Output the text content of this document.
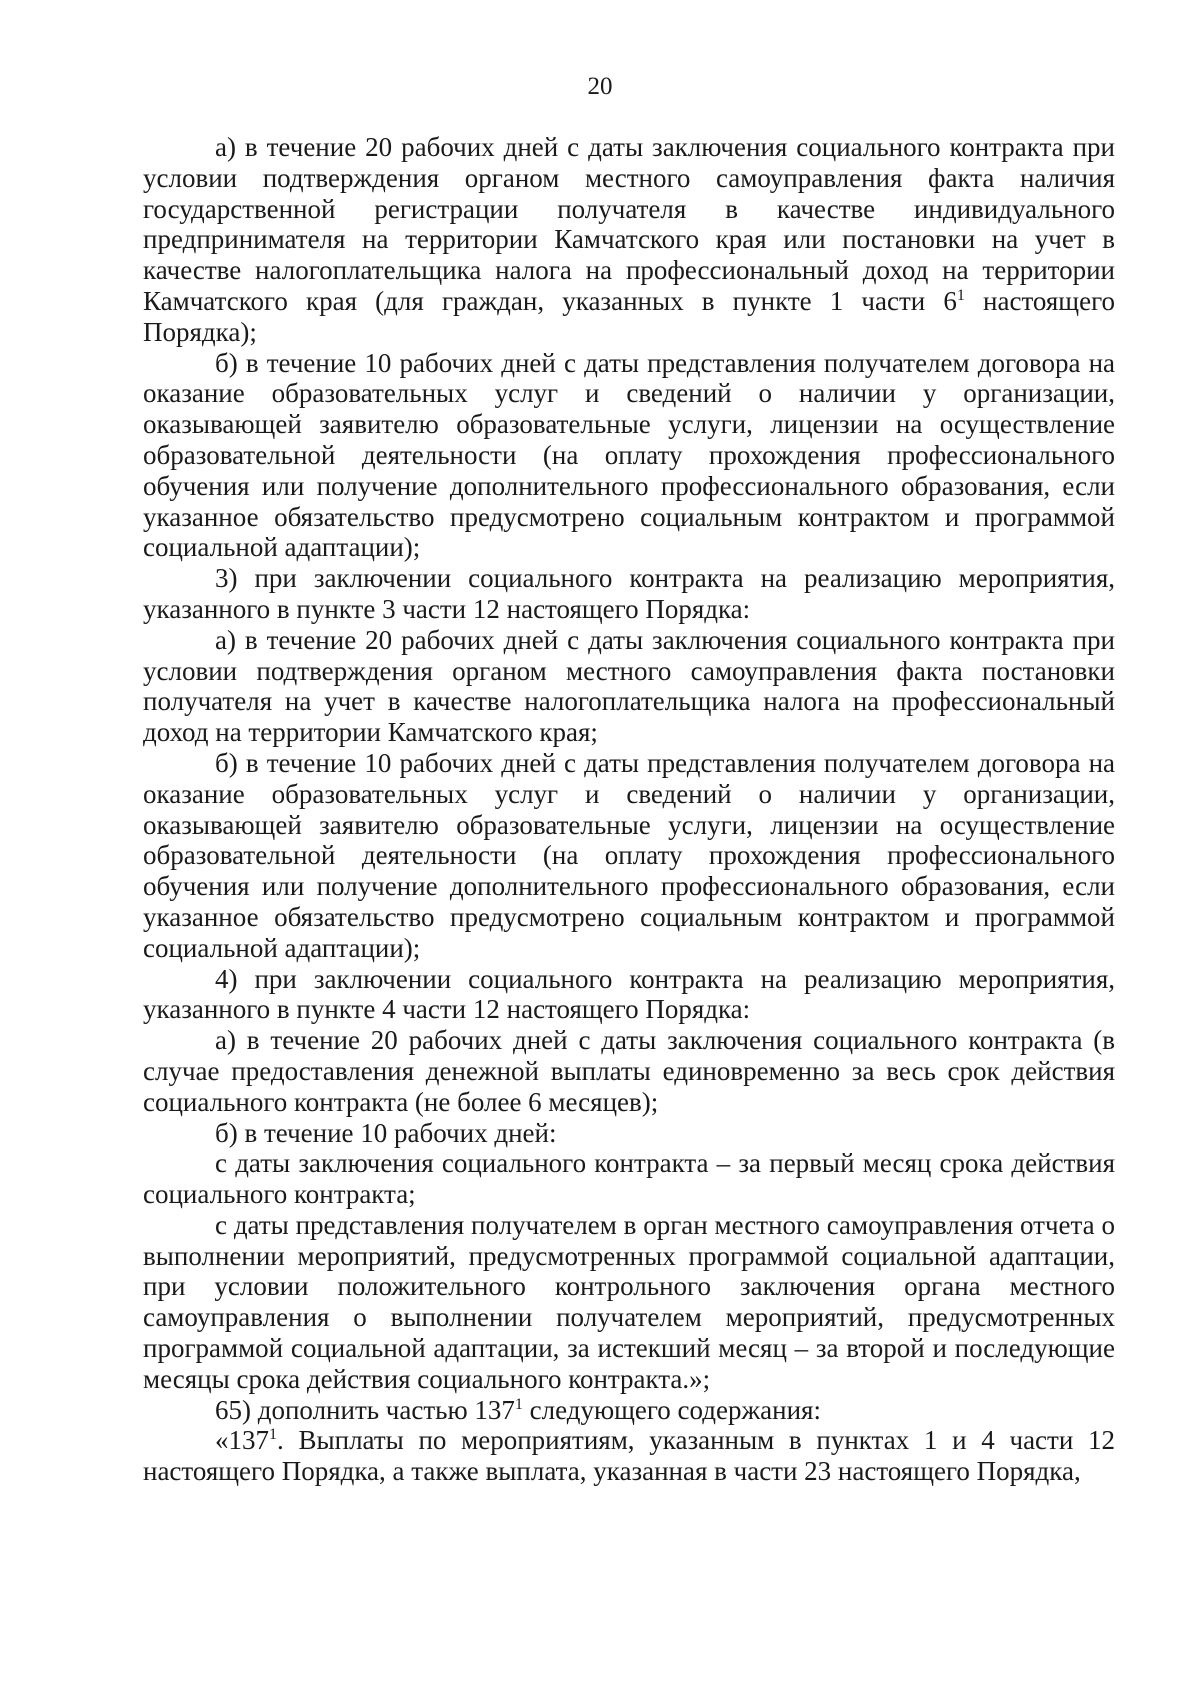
20

а) в течение 20 рабочих дней с даты заключения социального контракта при условии подтверждения органом местного самоуправления факта наличия государственной регистрации получателя в качестве индивидуального предпринимателя на территории Камчатского края или постановки на учет в качестве налогоплательщика налога на профессиональный доход на территории Камчатского края (для граждан, указанных в пункте 1 части $6^1$ настоящего Порядка);

б) в течение 10 рабочих дней с даты представления получателем договора на оказание образовательных услуг и сведений о наличии у организации, оказывающей заявителю образовательные услуги, лицензии на осуществление образовательной деятельности (на оплату прохождения профессионального обучения или получение дополнительного профессионального образования, если указанное обязательство предусмотрено социальным контрактом и программой социальной адаптации);

3) при заключении социального контракта на реализацию мероприятия, указанного в пункте 3 части 12 настоящего Порядка:

а) в течение 20 рабочих дней с даты заключения социального контракта при условии подтверждения органом местного самоуправления факта постановки получателя на учет в качестве налогоплательщика налога на профессиональный доход на территории Камчатского края;

б) в течение 10 рабочих дней с даты представления получателем договора на оказание образовательных услуг и сведений о наличии у организации, оказывающей заявителю образовательные услуги, лицензии на осуществление образовательной деятельности (на оплату прохождения профессионального обучения или получение дополнительного профессионального образования, если указанное обязательство предусмотрено социальным контрактом и программой социальной адаптации);

4) при заключении социального контракта на реализацию мероприятия, указанного в пункте 4 части 12 настоящего Порядка:

а) в течение 20 рабочих дней с даты заключения социального контракта (в случае предоставления денежной выплаты единовременно за весь срок действия социального контракта (не более 6 месяцев);

б) в течение 10 рабочих дней:

с даты заключения социального контракта – за первый месяц срока действия социального контракта;

с даты представления получателем в орган местного самоуправления отчета о выполнении мероприятий, предусмотренных программой социальной адаптации, при условии положительного контрольного заключения органа местного самоуправления о выполнении получателем мероприятий, предусмотренных программой социальной адаптации, за истекший месяц – за второй и последующие месяцы срока действия социального контракта.»;

65) дополнить частью $137^1$ следующего содержания:

«$137^1$. Выплаты по мероприятиям, указанным в пунктах 1 и 4 части 12 настоящего Порядка, а также выплата, указанная в части 23 настоящего Порядка,
